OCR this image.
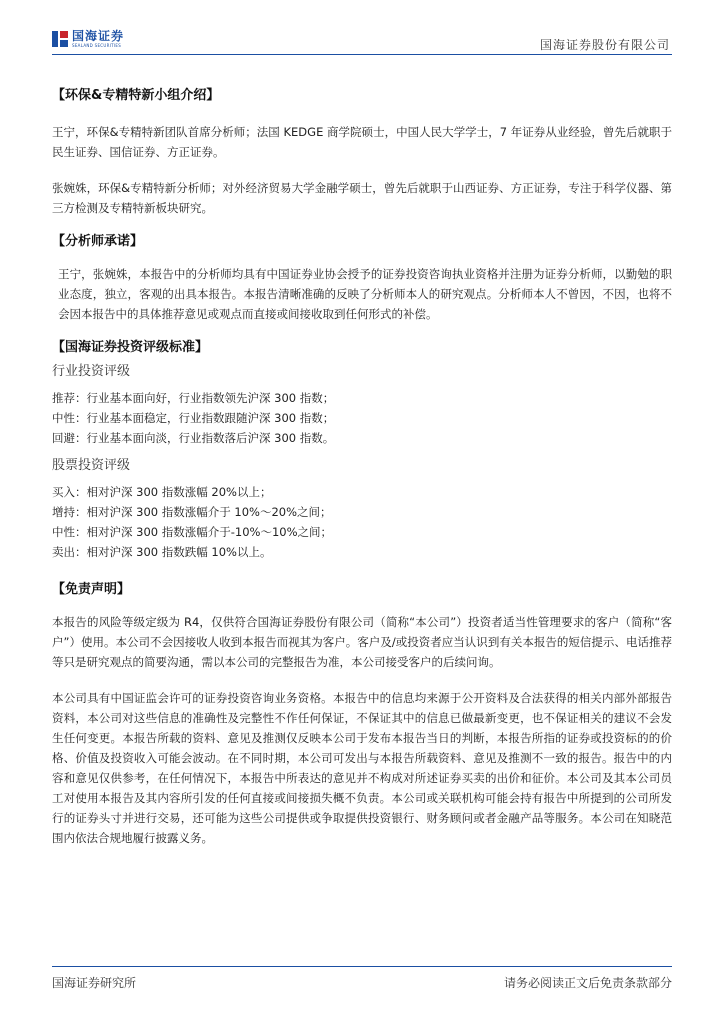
国海证券
SEALAND SECURITIES	国海证券股份有限公司
【环保&专精特新小组介绍】

王宁，环保&专精特新团队首席分析师；法国 KEDGE 商学院硕士，中国人民大学学士，7 年证券从业经验，曾先后就职于民生证券、国信证券、方正证券。

张婉姝，环保&专精特新分析师；对外经济贸易大学金融学硕士，曾先后就职于山西证券、方正证券，专注于科学仪器、第三方检测及专精特新板块研究。

【分析师承诺】

王宁，张婉姝，本报告中的分析师均具有中国证券业协会授予的证券投资咨询执业资格并注册为证券分析师，以勤勉的职业态度，独立，客观的出具本报告。本报告清晰准确的反映了分析师本人的研究观点。分析师本人不曾因，不因，也将不会因本报告中的具体推荐意见或观点而直接或间接收取到任何形式的补偿。

【国海证券投资评级标准】
行业投资评级
推荐：行业基本面向好，行业指数领先沪深 300 指数；
中性：行业基本面稳定，行业指数跟随沪深 300 指数；
回避：行业基本面向淡，行业指数落后沪深 300 指数。
股票投资评级
买入：相对沪深 300 指数涨幅 20%以上；
增持：相对沪深 300 指数涨幅介于 10%～20%之间；
中性：相对沪深 300 指数涨幅介于-10%～10%之间；
卖出：相对沪深 300 指数跌幅 10%以上。
【免责声明】

本报告的风险等级定级为 R4，仅供符合国海证券股份有限公司（简称“本公司”）投资者适当性管理要求的客户（简称“客户”）使用。本公司不会因接收人收到本报告而视其为客户。客户及/或投资者应当认识到有关本报告的短信提示、电话推荐等只是研究观点的简要沟通，需以本公司的完整报告为准，本公司接受客户的后续问询。

本公司具有中国证监会许可的证券投资咨询业务资格。本报告中的信息均来源于公开资料及合法获得的相关内部外部报告资料，本公司对这些信息的准确性及完整性不作任何保证，不保证其中的信息已做最新变更，也不保证相关的建议不会发生任何变更。本报告所载的资料、意见及推测仅反映本公司于发布本报告当日的判断，本报告所指的证券或投资标的的价格、价值及投资收入可能会波动。在不同时期，本公司可发出与本报告所载资料、意见及推测不一致的报告。报告中的内容和意见仅供参考，在任何情况下，本报告中所表达的意见并不构成对所述证券买卖的出价和征价。本公司及其本公司员工对使用本报告及其内容所引发的任何直接或间接损失概不负责。本公司或关联机构可能会持有报告中所提到的公司所发行的证券头寸并进行交易，还可能为这些公司提供或争取提供投资银行、财务顾问或者金融产品等服务。本公司在知晓范围内依法合规地履行披露义务。

国海证券研究所	请务必阅读正文后免责条款部分
